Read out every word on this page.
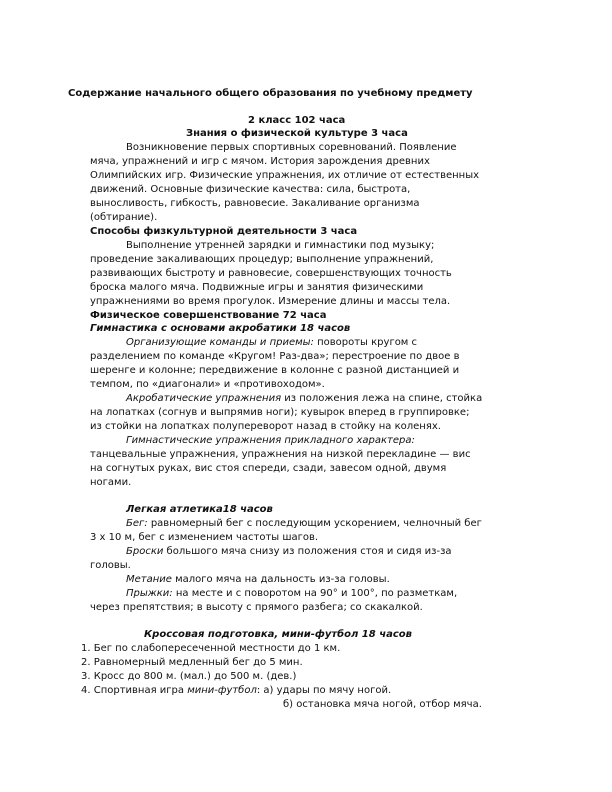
Содержание начального общего образования по учебному предмету
2 класс 102 часа
Знания о физической культуре 3 часа
Возникновение первых спортивных соревнований. Появление
мяча, упражнений и игр с мячом. История зарождения древних
Олимпийских игр. Физические упражнения, их отличие от естественных
движений. Основные физические качества: сила, быстрота,
выносливость, гибкость, равновесие. Закаливание организма
(обтирание).
Способы физкультурной деятельности 3 часа
Выполнение утренней зарядки и гимнастики под музыку;
проведение закаливающих процедур; выполнение упражнений,
развивающих быстроту и равновесие, совершенствующих точность
броска малого мяча. Подвижные игры и занятия физическими
упражнениями во время прогулок. Измерение длины и массы тела.
Физическое совершенствование 72 часа
Гимнастика с основами акробатики 18 часов
Организующие команды и приемы: повороты кругом с
разделением по команде «Кругом! Раз-два»; перестроение по двое в
шеренге и колонне; передвижение в колонне с разной дистанцией и
темпом, по «диагонали» и «противоходом».
Акробатические упражнения из положения лежа на спине, стойка
на лопатках (согнув и выпрямив ноги); кувырок вперед в группировке;
из стойки на лопатках полупереворот назад в стойку на коленях.
Гимнастические упражнения прикладного характера:
танцевальные упражнения, упражнения на низкой перекладине — вис
на согнутых руках, вис стоя спереди, сзади, завесом одной, двумя
ногами.
Легкая атлетика18 часов
Бег: равномерный бег с последующим ускорением, челночный бег
3 х 10 м, бег с изменением частоты шагов.
Броски большого мяча снизу из положения стоя и сидя из-за
головы.
Метание малого мяча на дальность из-за головы.
Прыжки: на месте и с поворотом на 90° и 100°, по разметкам,
через препятствия; в высоту с прямого разбега; со скакалкой.
Кроссовая подготовка, мини-футбол 18 часов
1. Бег по слабопересеченной местности до 1 км.
2. Равномерный медленный бег до 5 мин.
3. Кросс до 800 м. (мал.) до 500 м. (дев.)
4. Спортивная игра мини-футбол: а) удары по мячу ногой.
б) остановка мяча ногой, отбор мяча.
